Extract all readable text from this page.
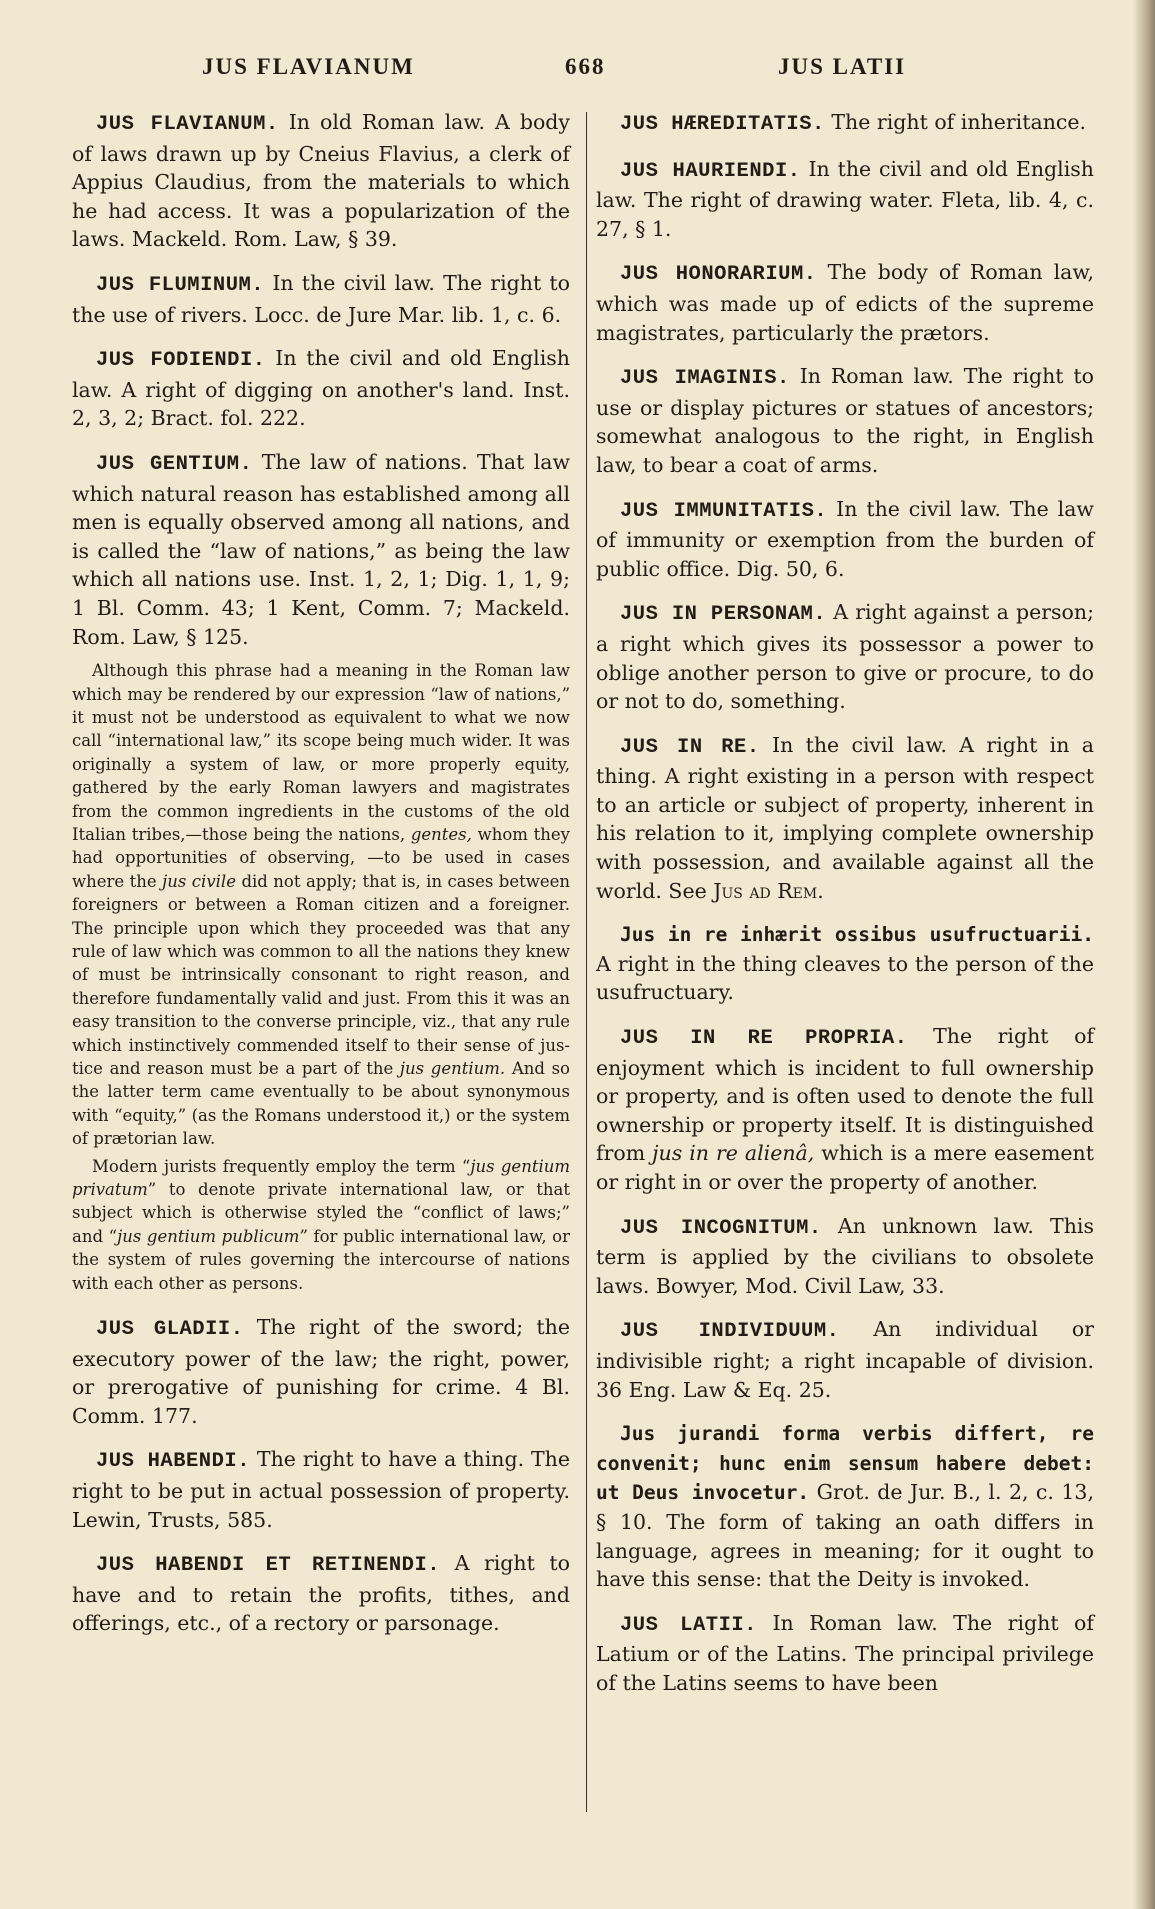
JUS FLAVIANUM	668	JUS LATII

JUS FLAVIANUM. In old Roman law. A body of laws drawn up by Cneius Flavius, a clerk of Appius Claudius, from the materials to which he had access. It was a popularization of the laws. Mackeld. Rom. Law, § 39.

JUS FLUMINUM. In the civil law. The right to the use of rivers. Locc. de Jure Mar. lib. 1, c. 6.

JUS FODIENDI. In the civil and old English law. A right of digging on another's land. Inst. 2, 3, 2; Bract. fol. 222.

JUS GENTIUM. The law of nations. That law which natural reason has established among all men is equally observed among all nations, and is called the “law of nations,” as being the law which all nations use. Inst. 1, 2, 1; Dig. 1, 1, 9; 1 Bl. Comm. 43; 1 Kent, Comm. 7; Mackeld. Rom. Law, § 125.

Although this phrase had a meaning in the Roman law which may be rendered by our expression “law of nations,” it must not be understood as equivalent to what we now call “international law,” its scope being much wider. It was originally a system of law, or more properly equity, gathered by the early Roman lawyers and magistrates from the common ingredients in the customs of the old Italian tribes,—those being the nations, gentes, whom they had opportunities of observing, —to be used in cases where the jus civile did not apply; that is, in cases between foreigners or between a Roman citizen and a foreigner. The principle upon which they proceeded was that any rule of law which was common to all the nations they knew of must be intrinsically consonant to right reason, and therefore fundamentally valid and just. From this it was an easy transition to the converse principle, viz., that any rule which instinctively commended itself to their sense of justice and reason must be a part of the jus gentium. And so the latter term came eventually to be about synonymous with “equity,” (as the Romans understood it,) or the system of prætorian law.

Modern jurists frequently employ the term “jus gentium privatum” to denote private international law, or that subject which is otherwise styled the “conflict of laws;” and “jus gentium publicum” for public international law, or the system of rules governing the intercourse of nations with each other as persons.

JUS GLADII. The right of the sword; the executory power of the law; the right, power, or prerogative of punishing for crime. 4 Bl. Comm. 177.

JUS HABENDI. The right to have a thing. The right to be put in actual possession of property. Lewin, Trusts, 585.

JUS HABENDI ET RETINENDI. A right to have and to retain the profits, tithes, and offerings, etc., of a rectory or parsonage.

JUS HÆREDITATIS. The right of inheritance.

JUS HAURIENDI. In the civil and old English law. The right of drawing water. Fleta, lib. 4, c. 27, § 1.

JUS HONORARIUM. The body of Roman law, which was made up of edicts of the supreme magistrates, particularly the prætors.

JUS IMAGINIS. In Roman law. The right to use or display pictures or statues of ancestors; somewhat analogous to the right, in English law, to bear a coat of arms.

JUS IMMUNITATIS. In the civil law. The law of immunity or exemption from the burden of public office. Dig. 50, 6.

JUS IN PERSONAM. A right against a person; a right which gives its possessor a power to oblige another person to give or procure, to do or not to do, something.

JUS IN RE. In the civil law. A right in a thing. A right existing in a person with respect to an article or subject of property, inherent in his relation to it, implying complete ownership with possession, and available against all the world. See Jus ad Rem.

Jus in re inhærit ossibus usufructuarii. A right in the thing cleaves to the person of the usufructuary.

JUS IN RE PROPRIA. The right of enjoyment which is incident to full ownership or property, and is often used to denote the full ownership or property itself. It is distinguished from jus in re alienâ, which is a mere easement or right in or over the property of another.

JUS INCOGNITUM. An unknown law. This term is applied by the civilians to obsolete laws. Bowyer, Mod. Civil Law, 33.

JUS INDIVIDUUM. An individual or indivisible right; a right incapable of division. 36 Eng. Law & Eq. 25.

Jus jurandi forma verbis differt, re convenit; hunc enim sensum habere debet: ut Deus invocetur. Grot. de Jur. B., l. 2, c. 13, § 10. The form of taking an oath differs in language, agrees in meaning; for it ought to have this sense: that the Deity is invoked.

JUS LATII. In Roman law. The right of Latium or of the Latins. The principal privilege of the Latins seems to have been
